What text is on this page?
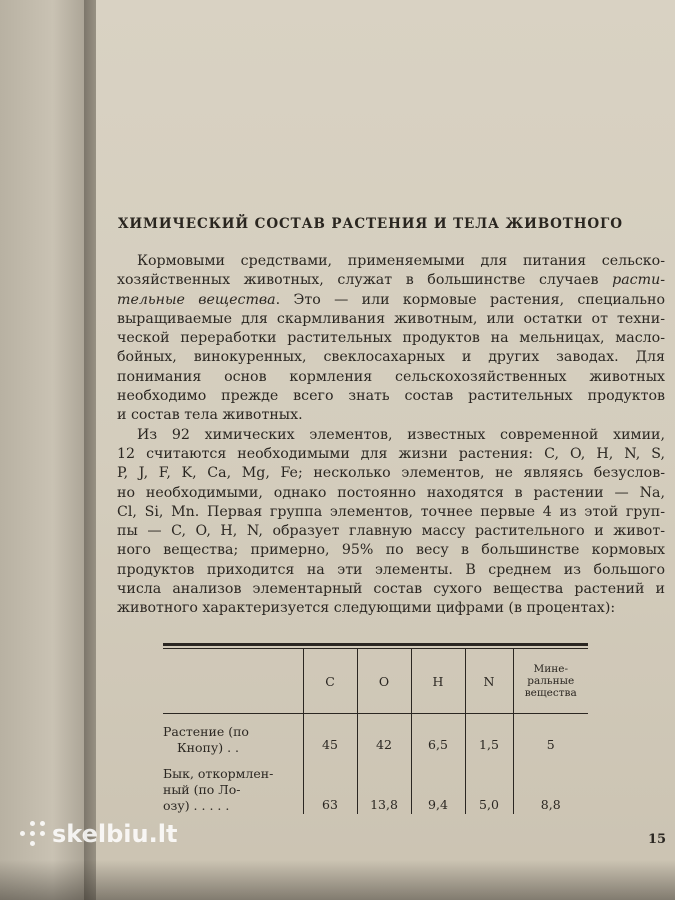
ХИМИЧЕСКИЙ СОСТАВ РАСТЕНИЯ И ТЕЛА ЖИВОТНОГО

Кормовыми средствами, применяемыми для питания сельско-
хозяйственных животных, служат в большинстве случаев расти-
тельные вещества. Это — или кормовые растения, специально
выращиваемые для скармливания животным, или остатки от техни-
ческой переработки растительных продуктов на мельницах, масло-
бойных, винокуренных, свеклосахарных и других заводах. Для
понимания основ кормления сельскохозяйственных животных
необходимо прежде всего знать состав растительных продуктов
и состав тела животных.

Из 92 химических элементов, известных современной химии,
12 считаются необходимыми для жизни растения: C, O, H, N, S,
P, J, F, K, Ca, Mg, Fe; несколько элементов, не являясь безуслов-
но необходимыми, однако постоянно находятся в растении — Na,
Cl, Si, Mn. Первая группа элементов, точнее первые 4 из этой груп-
пы — C, O, H, N, образует главную массу растительного и живот-
ного вещества; примерно, 95% по весу в большинстве кормовых
продуктов приходится на эти элементы. В среднем из большого
числа анализов элементарный состав сухого вещества растений и
животного характеризуется следующими цифрами (в процентах):

	C	O	H	N	Мине-
ральные
вещества

Растение (по
Кнопу) . .	45	42	6,5	1,5	5

Бык, откормлен-
ный (по Ло-
озу) . . . . .	63	13,8	9,4	5,0	8,8
15
skelbiu.lt
